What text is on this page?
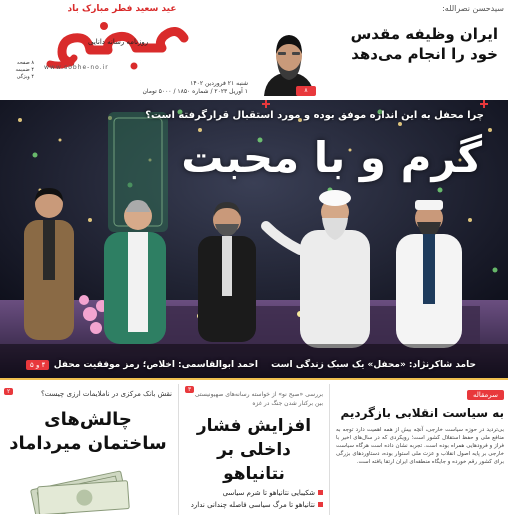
سیدحسن نصرالله:
ایران وظیفه مقدس خود را انجام می‌دهد
۸
عید سعید فطر مبارک باد
روزنامه رسانه دانایی
www.sobhe-no.ir
۸ صفحه
۴ ضمیمه
۴ ویژگی
شنبه ۲۱ فروردین ۱۴۰۲
۱ آوریل ۲۰۲۳ / شماره ۱۸۵۰ / ۵۰۰۰ تومان
چرا محفل به این اندازه موفق بوده و مورد استقبال قرارگرفته است؟
گرم و با محبت
حامد شاکرنژاد: «محفل» یک سبک زندگی است
احمد ابوالقاسمی: اخلاص؛ رمز موفقیت محفل
۴ و ۵
سرمقاله
به سیاست انقلابی بازگردیم
بی‌تردید در حوزه سیاست خارجی، آنچه بیش از همه اهمیت دارد توجه به منافع ملی و حفظ استقلال کشور است؛ رویکردی که در سال‌های اخیر با فراز و فرودهایی همراه بوده است. تجربه نشان داده است هرگاه سیاست خارجی بر پایه اصول انقلاب و عزت ملی استوار بوده، دستاوردهای بزرگی برای کشور رقم خورده و جایگاه منطقه‌ای ایران ارتقا یافته است.
۳
بررسی «صبح نو» از خواسته رسانه‌های صهیونیستی بین برکنار شدن جنگ در غزه
افزایش فشار داخلی بر نتانیاهو
شکیبایی نتانیاهو تا شرم سیاسی
نتانیاهو تا مرگ سیاسی فاصله چندانی ندارد
۲	نقش بانک مرکزی در ناملایمات ارزی چیست؟
چالش‌های ساختمان میرداماد
